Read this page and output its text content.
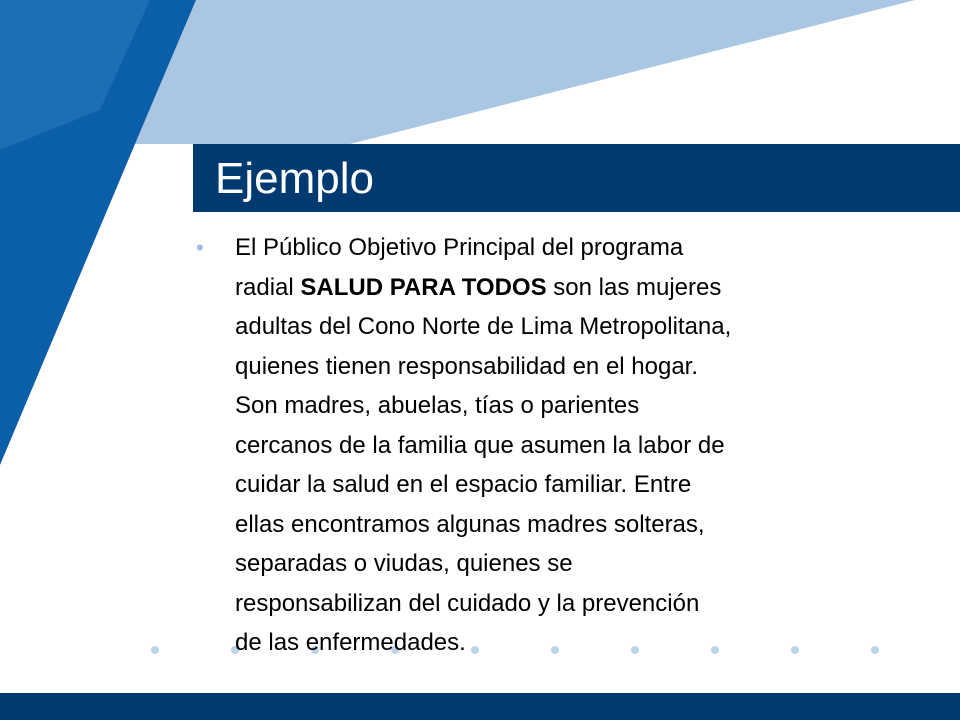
Ejemplo
• El Público Objetivo Principal del programa
radial SALUD PARA TODOS son las mujeres
adultas del Cono Norte de Lima Metropolitana,
quienes tienen responsabilidad en el hogar.
Son madres, abuelas, tías o parientes
cercanos de la familia que asumen la labor de
cuidar la salud en el espacio familiar. Entre
ellas encontramos algunas madres solteras,
separadas o viudas, quienes se
responsabilizan del cuidado y la prevención
de las enfermedades.
